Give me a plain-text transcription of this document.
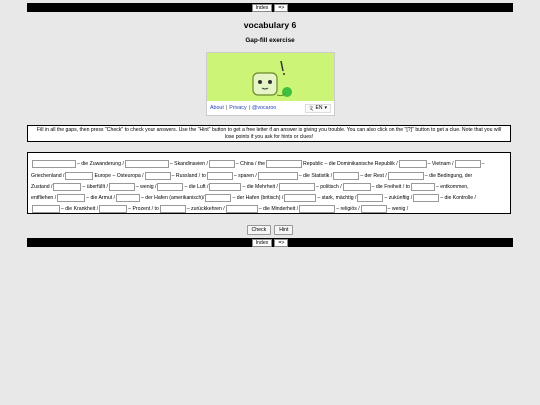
Index	=>
vocabulary 6
Gap-fill exercise
About | Privacy | @vocaroo	文 EN ▾
Fill in all the gaps, then press "Check" to check your answers. Use the "Hint" button to get a free letter if an answer is giving you trouble. You can also click on the "[?]" button to get a clue. Note that you will lose points if you ask for hints or clues!
– die Zuwanderung /	– Skandinavien /	– China / the	Republic – die Dominikanische Republik /	– Vietnam /	–
Griechenland /	Europe – Osteuropa /	– Russland / to	– sparen /	– die Statistik /	– der Rest /	– die Bedingung, der
Zustand /	– überfüllt /	– wenig /	– die Luft /	– die Mehrheit /	– politisch /	– die Freiheit / to	– entkommen,
entfliehen /	– die Armut /	– der Hafen (amerikanisch)/	– der Hafen (britisch) /	– stark, mächtig /	– zukünftig /	– die Kontrolle /
– die Krankheit /	– Prozent / to	– zurückkehren /	– die Minderheit /	– religiös /	– wenig /
Check	Hint
Index	=>
